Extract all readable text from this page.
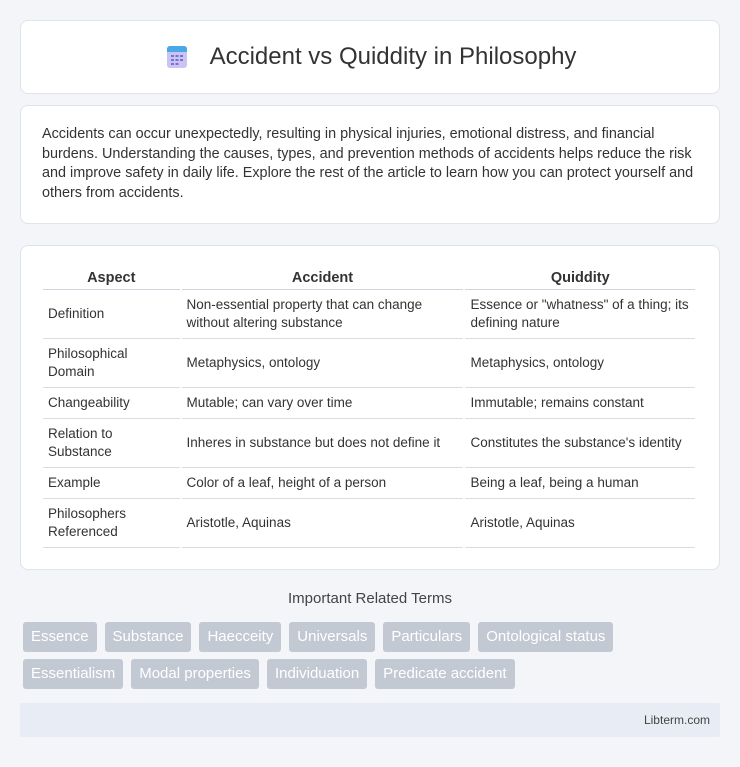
Accident vs Quiddity in Philosophy

Accidents can occur unexpectedly, resulting in physical injuries, emotional distress, and financial burdens. Understanding the causes, types, and prevention methods of accidents helps reduce the risk and improve safety in daily life. Explore the rest of the article to learn how you can protect yourself and others from accidents.

Aspect	Accident	Quiddity
Definition	Non-essential property that can change without altering substance	Essence or "whatness" of a thing; its defining nature
Philosophical Domain	Metaphysics, ontology	Metaphysics, ontology
Changeability	Mutable; can vary over time	Immutable; remains constant
Relation to Substance	Inheres in substance but does not define it	Constitutes the substance's identity
Example	Color of a leaf, height of a person	Being a leaf, being a human
Philosophers Referenced	Aristotle, Aquinas	Aristotle, Aquinas
Important Related Terms
Essence	Substance	Haecceity	Universals	Particulars	Ontological status
Essentialism	Modal properties	Individuation	Predicate accident
Libterm.com
